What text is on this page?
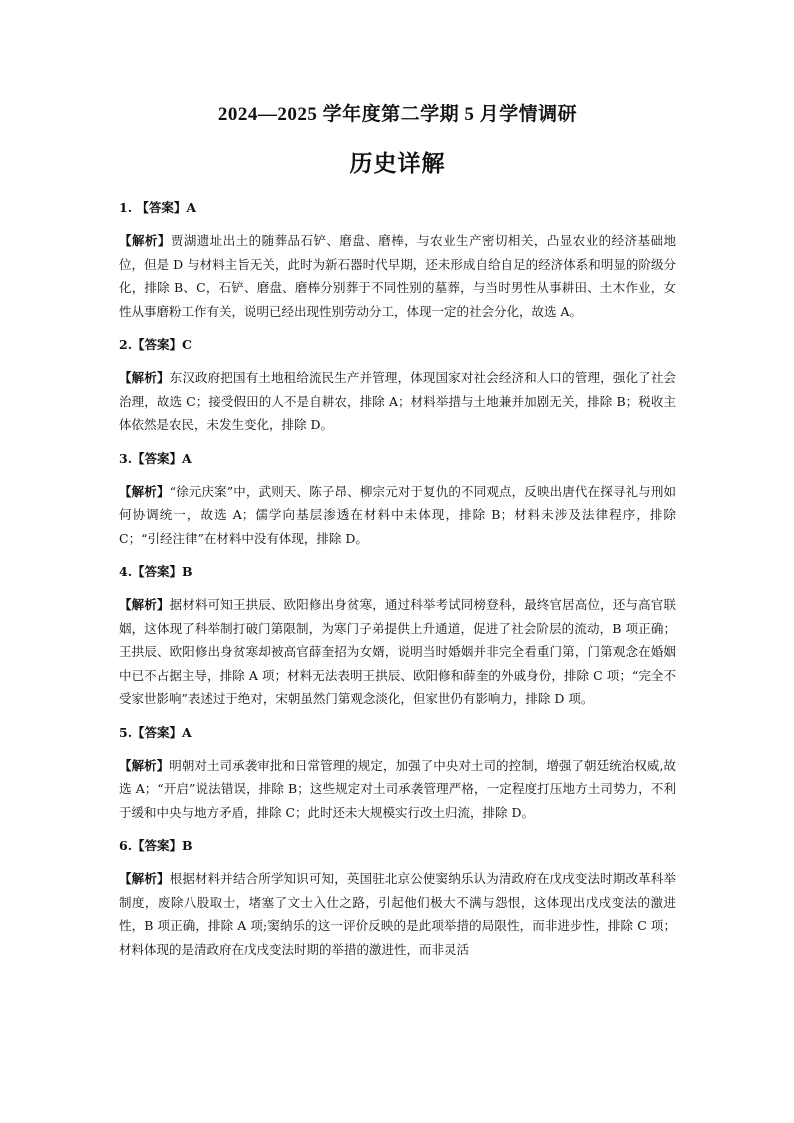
2024—2025 学年度第二学期 5 月学情调研
历史详解
1. 【答案】A
【解析】贾湖遗址出土的随葬品石铲、磨盘、磨棒，与农业生产密切相关，凸显农业的经济基础地位，但是 D 与材料主旨无关，此时为新石器时代早期，还未形成自给自足的经济体系和明显的阶级分化，排除 B、C，石铲、磨盘、磨棒分别葬于不同性别的墓葬，与当时男性从事耕田、土木作业，女性从事磨粉工作有关，说明已经出现性别劳动分工，体现一定的社会分化，故选 A。
2.【答案】C
【解析】东汉政府把国有土地租给流民生产并管理，体现国家对社会经济和人口的管理，强化了社会治理，故选 C；接受假田的人不是自耕农，排除 A；材料举措与土地兼并加剧无关，排除 B；税收主体依然是农民，未发生变化，排除 D。
3.【答案】A
【解析】“徐元庆案”中，武则天、陈子昂、柳宗元对于复仇的不同观点，反映出唐代在探寻礼与刑如何协调统一，故选 A；儒学向基层渗透在材料中未体现，排除 B；材料未涉及法律程序，排除 C；“引经注律”在材料中没有体现，排除 D。
4.【答案】B
【解析】据材料可知王拱辰、欧阳修出身贫寒，通过科举考试同榜登科，最终官居高位，还与高官联姻，这体现了科举制打破门第限制，为寒门子弟提供上升通道，促进了社会阶层的流动，B 项正确；王拱辰、欧阳修出身贫寒却被高官薛奎招为女婿，说明当时婚姻并非完全看重门第，门第观念在婚姻中已不占据主导，排除 A 项；材料无法表明王拱辰、欧阳修和薛奎的外戚身份，排除 C 项；“完全不受家世影响”表述过于绝对，宋朝虽然门第观念淡化，但家世仍有影响力，排除 D 项。
5.【答案】A
【解析】明朝对土司承袭审批和日常管理的规定，加强了中央对土司的控制，增强了朝廷统治权威,故选 A；“开启”说法错误，排除 B；这些规定对土司承袭管理严格，一定程度打压地方土司势力，不利于缓和中央与地方矛盾，排除 C；此时还未大规模实行改土归流，排除 D。
6.【答案】B
【解析】根据材料并结合所学知识可知，英国驻北京公使窦纳乐认为清政府在戊戌变法时期改革科举制度，废除八股取士，堵塞了文士入仕之路，引起他们极大不满与怨恨，这体现出戊戌变法的激进性，B 项正确，排除 A 项;窦纳乐的这一评价反映的是此项举措的局限性，而非进步性，排除 C 项；材料体现的是清政府在戊戌变法时期的举措的激进性，而非灵活
